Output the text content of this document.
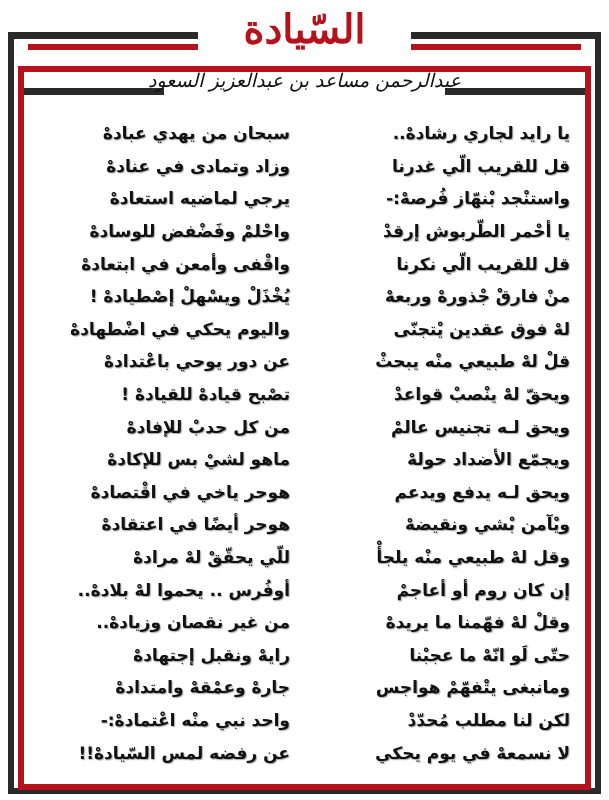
السّيادة
عبدالرحمن مساعد بن عبدالعزيز السعود
يا رايد لجاري رشادهْ..
سبحان من يهدي عبادهْ
قل للقريب الّي غدرنا
وزاد وتمادى في عنادهْ
واستنْجد بْنهّاز فُرصهْ:-
يرجي لماضيه استعادهْ
يا أحْمر الطّربوش إرقدْ
واحْلمْ وفَضْفض للوسادهْ
قل للقريب الّي نكرنا
واقْفى وأمعن في ابتعادهْ
منْ فارقْ جْذورهْ وربعهْ
يُخْذَلْ ويسْهلْ إصْطيادهْ !
لهْ فوق عقدين يْتجنّى
واليوم يحكي في اضْطهادهْ
قلْ لهْ طبيعي منْه يبحثْ
عن دور يوحي باعْتدادهْ
ويحقّ لهْ ينْصبْ قواعدْ
تصْبح قيادهْ للقيادهْ !
ويحق لـه تجنيس عالمْ
من كل حدبْ للإفادهْ
ويجمّع الأضداد حولهْ
ماهو لشيْ بس للإكادهْ
ويحق لـه يدفع ويدعم
هوحر ياخي في اقْتصادهْ
ويْآمن بْشي ونقيضهْ
هوحر أيضًا في اعتقادهْ
وقل لهْ طبيعي منْه يلجأْ
للّي يحقّقْ لهْ مرادهْ
إن كان روم أو أعاجمْ
أوفُرس .. يحموا لهْ بلادهْ..
وقلْ لهْ فهّمنا ما يريدهْ
من غير نقصان وزيادهْ..
حتّى لَو انّهْ ما عجبْنا
رايهْ ونقبل إجتهادهْ
ومانبغى يتْفهّمْ هواجس
جارهْ وعمْقهْ وامتدادهْ
لكن لنا مطلب مُحدّدْ
واحد نبي منْه اعْتمادهْ:-
لا نسمعهْ في يوم يحكي
عن رفضه لمس السّيادهْ!!
